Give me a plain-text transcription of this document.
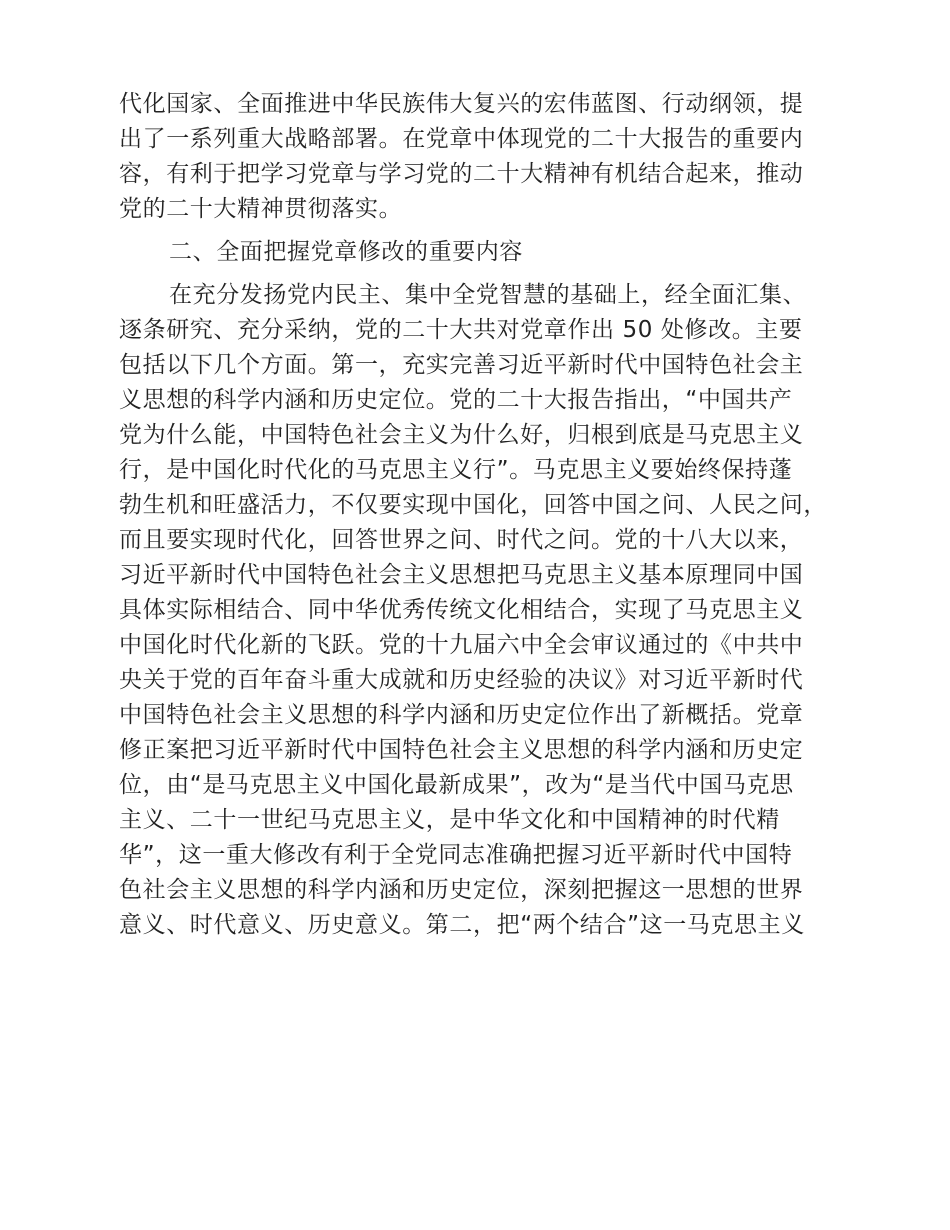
代化国家、全面推进中华民族伟大复兴的宏伟蓝图、行动纲领，提
出了一系列重大战略部署。在党章中体现党的二十大报告的重要内
容，有利于把学习党章与学习党的二十大精神有机结合起来，推动
党的二十大精神贯彻落实。
二、全面把握党章修改的重要内容
在充分发扬党内民主、集中全党智慧的基础上，经全面汇集、
逐条研究、充分采纳，党的二十大共对党章作出 50 处修改。主要
包括以下几个方面。第一，充实完善习近平新时代中国特色社会主
义思想的科学内涵和历史定位。党的二十大报告指出，“中国共产
党为什么能，中国特色社会主义为什么好，归根到底是马克思主义
行，是中国化时代化的马克思主义行”。马克思主义要始终保持蓬
勃生机和旺盛活力，不仅要实现中国化，回答中国之问、人民之问，
而且要实现时代化，回答世界之问、时代之问。党的十八大以来，
习近平新时代中国特色社会主义思想把马克思主义基本原理同中国
具体实际相结合、同中华优秀传统文化相结合，实现了马克思主义
中国化时代化新的飞跃。党的十九届六中全会审议通过的《中共中
央关于党的百年奋斗重大成就和历史经验的决议》对习近平新时代
中国特色社会主义思想的科学内涵和历史定位作出了新概括。党章
修正案把习近平新时代中国特色社会主义思想的科学内涵和历史定
位，由“是马克思主义中国化最新成果”，改为“是当代中国马克思
主义、二十一世纪马克思主义，是中华文化和中国精神的时代精
华”，这一重大修改有利于全党同志准确把握习近平新时代中国特
色社会主义思想的科学内涵和历史定位，深刻把握这一思想的世界
意义、时代意义、历史意义。第二，把“两个结合”这一马克思主义
